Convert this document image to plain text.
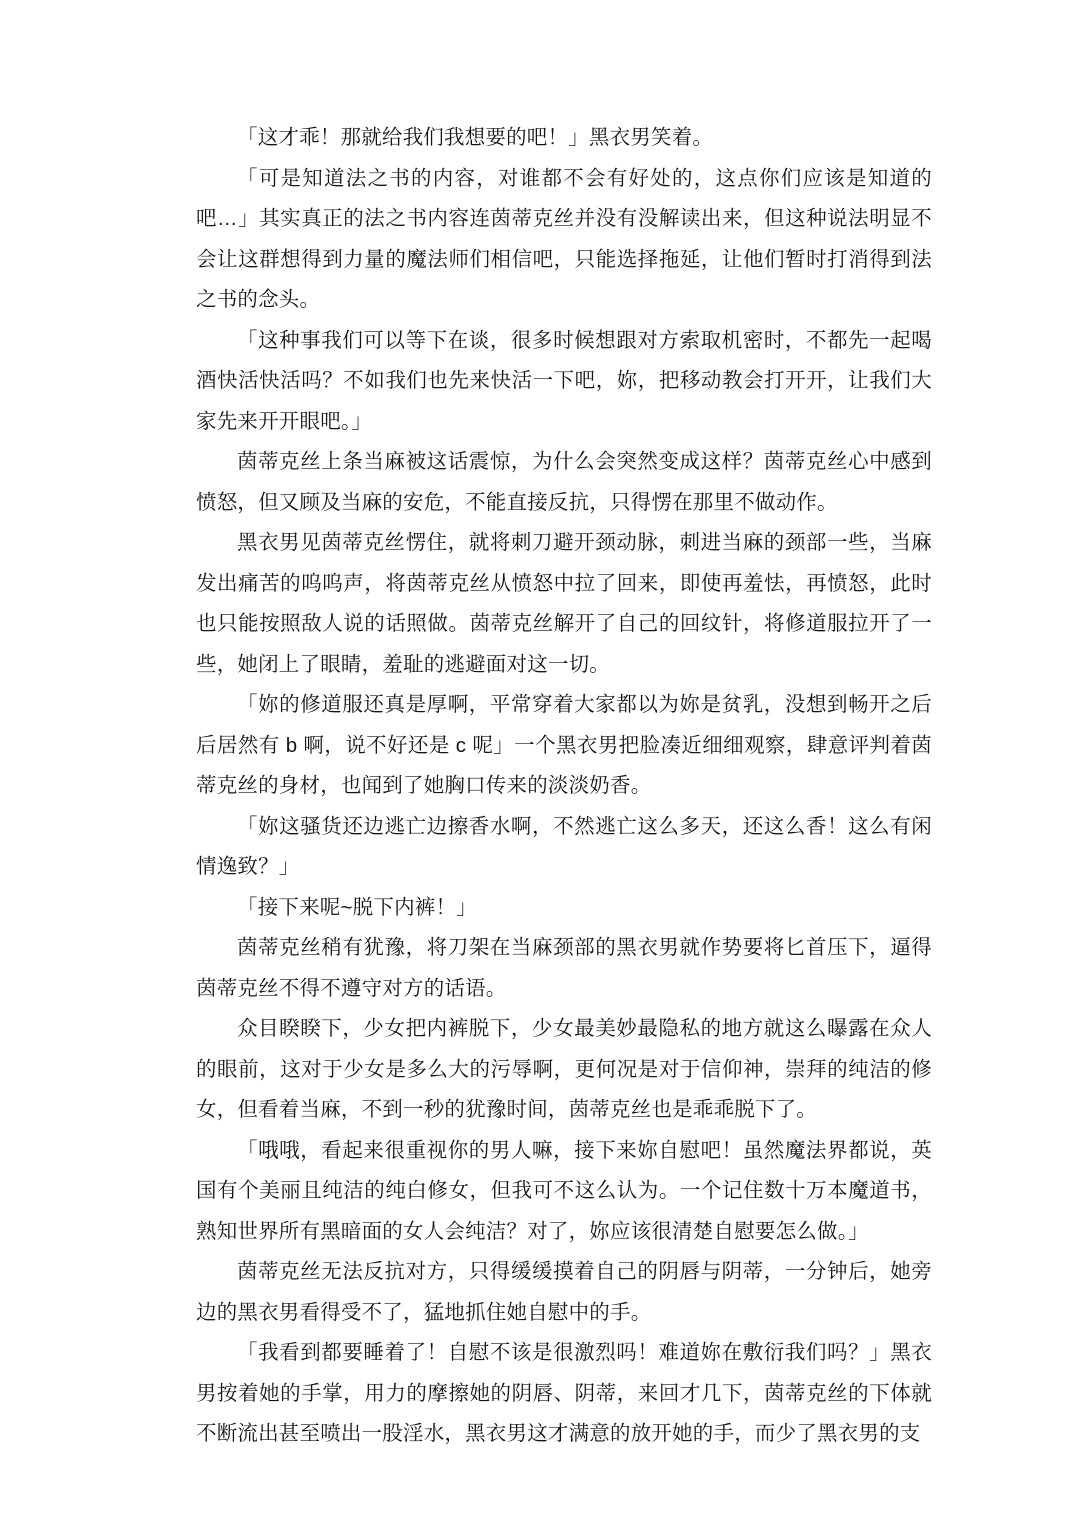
「这才乖！那就给我们我想要的吧！」黑衣男笑着。

「可是知道法之书的内容，对谁都不会有好处的，这点你们应该是知道的吧…」其实真正的法之书内容连茵蒂克丝并没有没解读出来，但这种说法明显不会让这群想得到力量的魔法师们相信吧，只能选择拖延，让他们暂时打消得到法之书的念头。

「这种事我们可以等下在谈，很多时候想跟对方索取机密时，不都先一起喝酒快活快活吗？不如我们也先来快活一下吧，妳，把移动教会打开开，让我们大家先来开开眼吧。」

茵蒂克丝上条当麻被这话震惊，为什么会突然变成这样？茵蒂克丝心中感到愤怒，但又顾及当麻的安危，不能直接反抗，只得愣在那里不做动作。

黑衣男见茵蒂克丝愣住，就将刺刀避开颈动脉，刺进当麻的颈部一些，当麻发出痛苦的呜呜声，将茵蒂克丝从愤怒中拉了回来，即使再羞怯，再愤怒，此时也只能按照敌人说的话照做。茵蒂克丝解开了自己的回纹针，将修道服拉开了一些，她闭上了眼睛，羞耻的逃避面对这一切。

「妳的修道服还真是厚啊，平常穿着大家都以为妳是贫乳，没想到畅开之后后居然有 b 啊，说不好还是 c 呢」一个黑衣男把脸凑近细细观察，肆意评判着茵蒂克丝的身材，也闻到了她胸口传来的淡淡奶香。

「妳这骚货还边逃亡边擦香水啊，不然逃亡这么多天，还这么香！这么有闲情逸致？」

「接下来呢~脱下内裤！」

茵蒂克丝稍有犹豫，将刀架在当麻颈部的黑衣男就作势要将匕首压下，逼得茵蒂克丝不得不遵守对方的话语。

众目睽睽下，少女把内裤脱下，少女最美妙最隐私的地方就这么曝露在众人的眼前，这对于少女是多么大的污辱啊，更何况是对于信仰神，崇拜的纯洁的修女，但看着当麻，不到一秒的犹豫时间，茵蒂克丝也是乖乖脱下了。

「哦哦，看起来很重视你的男人嘛，接下来妳自慰吧！虽然魔法界都说，英国有个美丽且纯洁的纯白修女，但我可不这么认为。一个记住数十万本魔道书，熟知世界所有黑暗面的女人会纯洁？对了，妳应该很清楚自慰要怎么做。」

茵蒂克丝无法反抗对方，只得缓缓摸着自己的阴唇与阴蒂，一分钟后，她旁边的黑衣男看得受不了，猛地抓住她自慰中的手。

「我看到都要睡着了！自慰不该是很激烈吗！难道妳在敷衍我们吗？」黑衣男按着她的手掌，用力的摩擦她的阴唇、阴蒂，来回才几下，茵蒂克丝的下体就不断流出甚至喷出一股淫水，黑衣男这才满意的放开她的手，而少了黑衣男的支
